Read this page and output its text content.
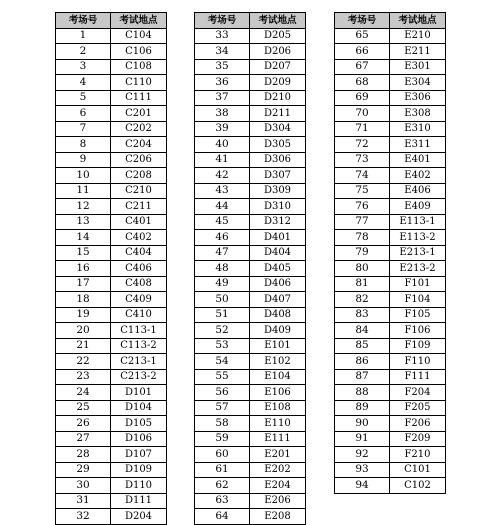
考场号	考试地点
1	C104
2	C106
3	C108
4	C110
5	C111
6	C201
7	C202
8	C204
9	C206
10	C208
11	C210
12	C211
13	C401
14	C402
15	C404
16	C406
17	C408
18	C409
19	C410
20	C113-1
21	C113-2
22	C213-1
23	C213-2
24	D101
25	D104
26	D105
27	D106
28	D107
29	D109
30	D110
31	D111
32	D204
考场号	考试地点
33	D205
34	D206
35	D207
36	D209
37	D210
38	D211
39	D304
40	D305
41	D306
42	D307
43	D309
44	D310
45	D312
46	D401
47	D404
48	D405
49	D406
50	D407
51	D408
52	D409
53	E101
54	E102
55	E104
56	E106
57	E108
58	E110
59	E111
60	E201
61	E202
62	E204
63	E206
64	E208
考场号	考试地点
65	E210
66	E211
67	E301
68	E304
69	E306
70	E308
71	E310
72	E311
73	E401
74	E402
75	E406
76	E409
77	E113-1
78	E113-2
79	E213-1
80	E213-2
81	F101
82	F104
83	F105
84	F106
85	F109
86	F110
87	F111
88	F204
89	F205
90	F206
91	F209
92	F210
93	C101
94	C102
